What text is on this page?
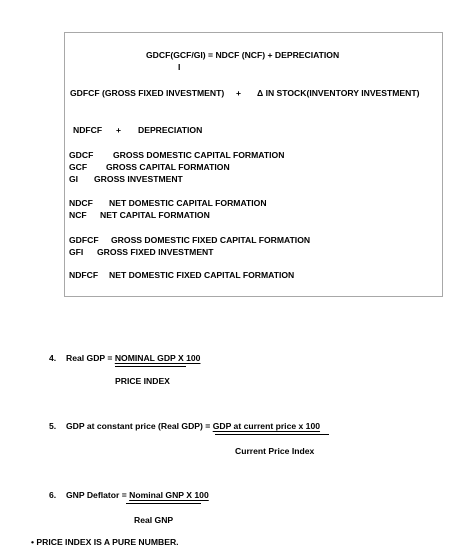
GDCF(GCF/GI) = NDCF (NCF) + DEPRECIATION
I
GDFCF (GROSS FIXED INVESTMENT) + Δ IN STOCK(INVENTORY INVESTMENT)
NDFCF + DEPRECIATION
GDCF GROSS DOMESTIC CAPITAL FORMATION
GCF GROSS CAPITAL FORMATION
GI GROSS INVESTMENT
NDCF NET DOMESTIC CAPITAL FORMATION
NCF NET CAPITAL FORMATION
GDFCF GROSS DOMESTIC FIXED CAPITAL FORMATION
GFI GROSS FIXED INVESTMENT
NDFCF NET DOMESTIC FIXED CAPITAL FORMATION
4. Real GDP = NOMINAL GDP X 100
PRICE INDEX
5. GDP at constant price (Real GDP) = GDP at current price x 100
Current Price Index
6. GNP Deflator = Nominal GNP X 100
Real GNP
• PRICE INDEX IS A PURE NUMBER.
